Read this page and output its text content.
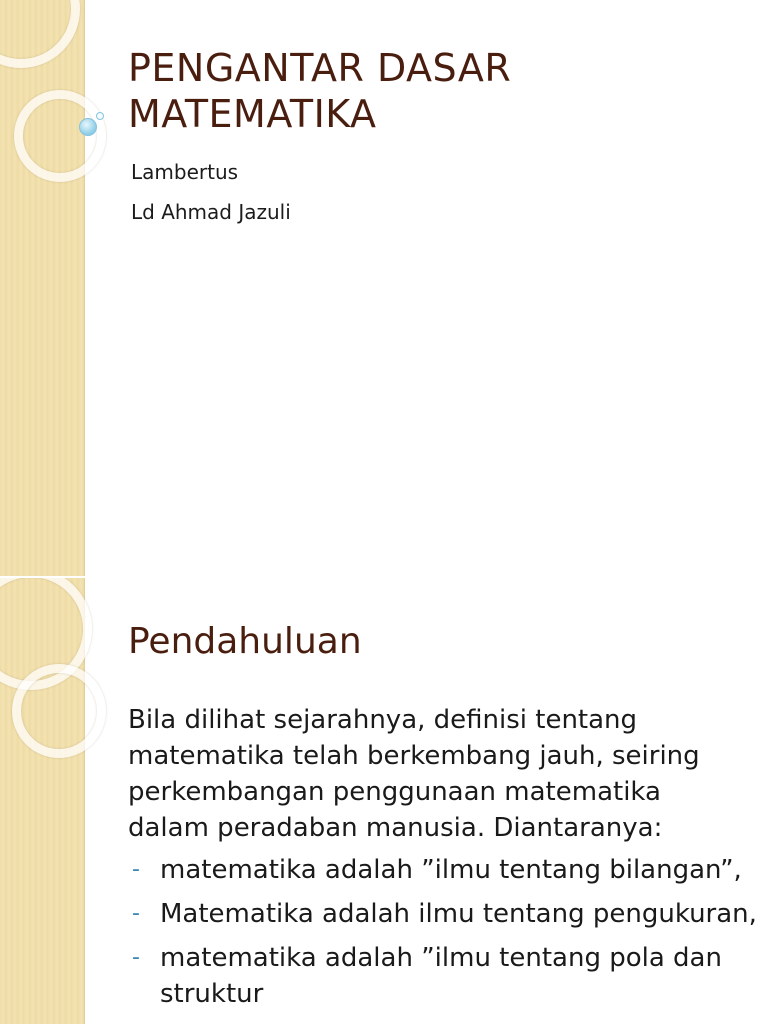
PENGANTAR DASAR MATEMATIKA

Lambertus

Ld Ahmad Jazuli

Pendahuluan

Bila dilihat sejarahnya, definisi tentang matematika telah berkembang jauh, seiring perkembangan penggunaan matematika dalam peradaban manusia. Diantaranya:

- matematika adalah ”ilmu tentang bilangan”,
- Matematika adalah ilmu tentang pengukuran,
- matematika adalah ”ilmu tentang pola dan struktur
